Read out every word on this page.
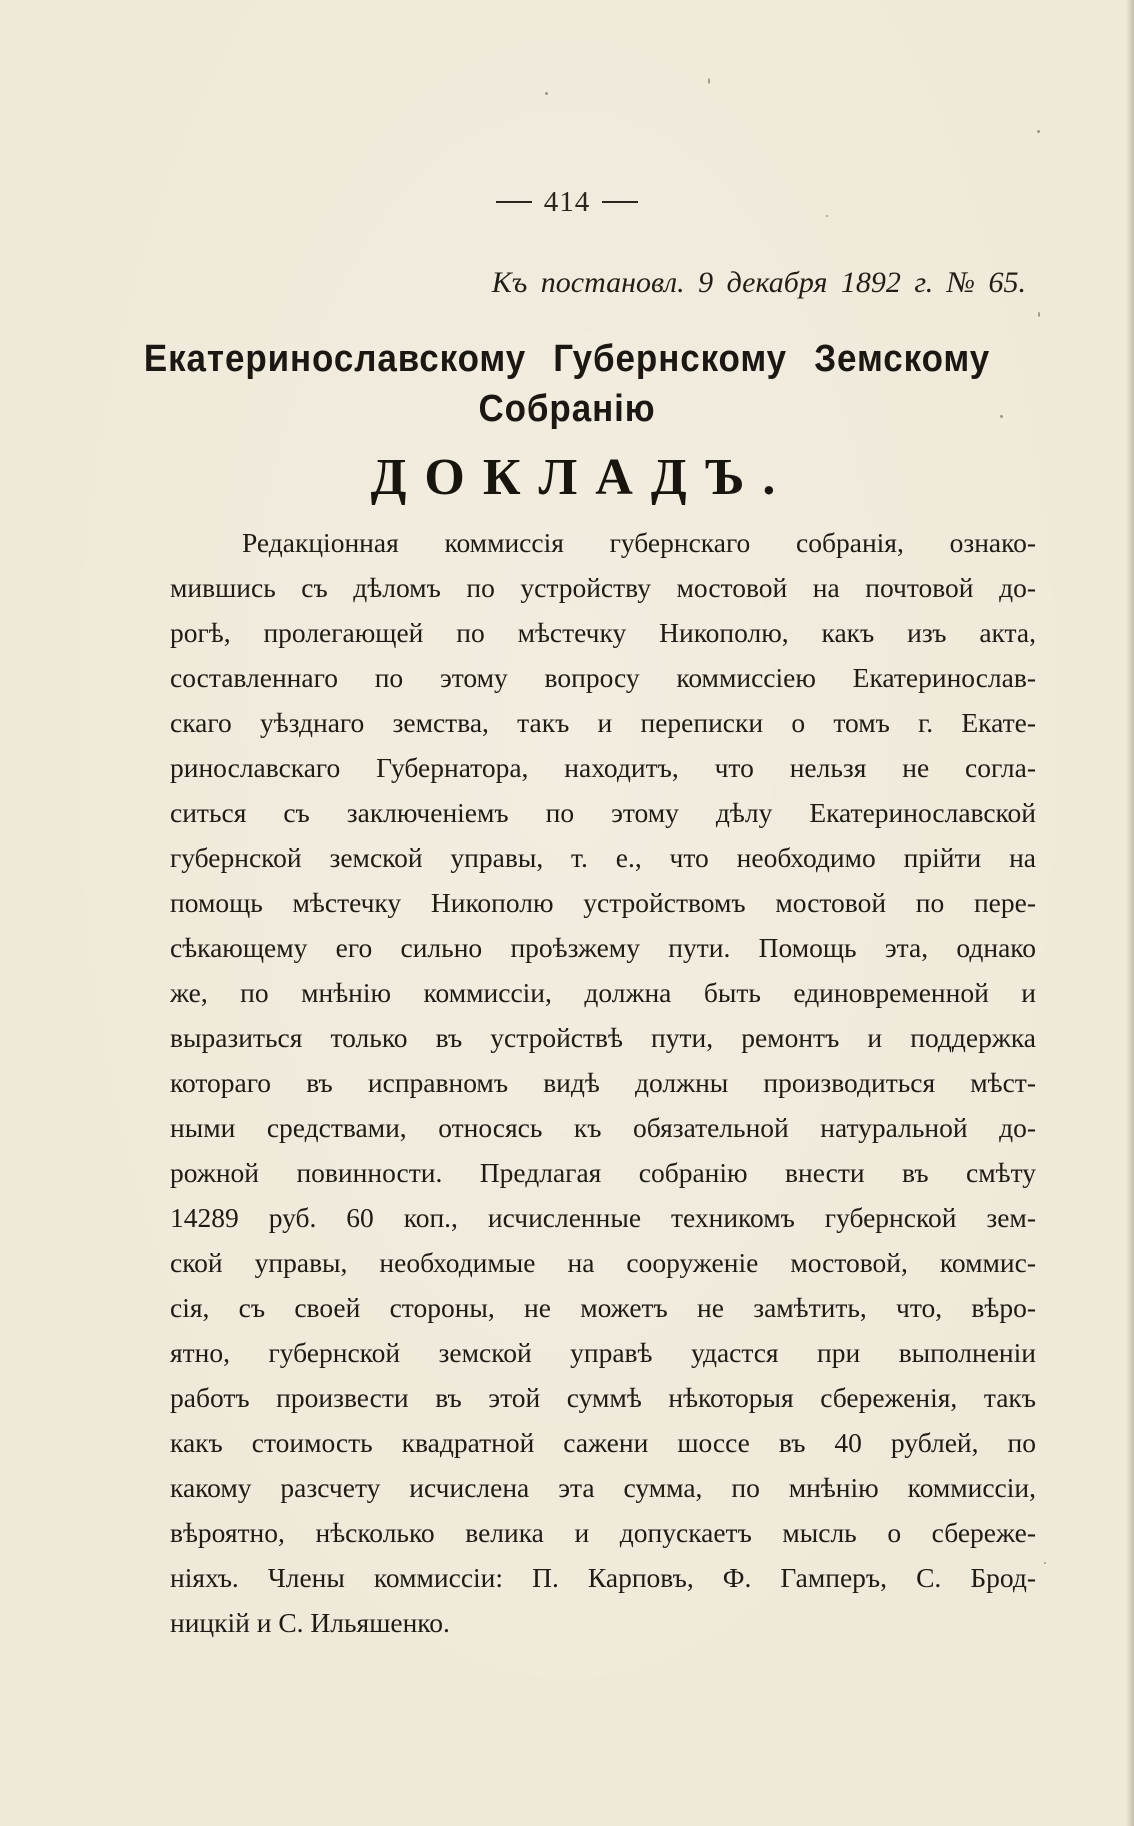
414
Къ постановл. 9 декабря 1892 г. № 65.
Екатеринославскому Губернскому Земскому
Собранію
ДОКЛАДЪ.
Редакціонная коммиссія губернскаго собранія, ознако-
мившись съ дѣломъ по устройству мостовой на почтовой до-
рогѣ, пролегающей по мѣстечку Никополю, какъ изъ акта,
составленнаго по этому вопросу коммиссіею Екатеринослав-
скаго уѣзднаго земства, такъ и переписки о томъ г. Екате-
ринославскаго Губернатора, находитъ, что нельзя не согла-
ситься съ заключеніемъ по этому дѣлу Екатеринославской
губернской земской управы, т. е., что необходимо прійти на
помощь мѣстечку Никополю устройствомъ мостовой по пере-
сѣкающему его сильно проѣзжему пути. Помощь эта, однако
же, по мнѣнію коммиссіи, должна быть единовременной и
выразиться только въ устройствѣ пути, ремонтъ и поддержка
котораго въ исправномъ видѣ должны производиться мѣст-
ными средствами, относясь къ обязательной натуральной до-
рожной повинности. Предлагая собранію внести въ смѣту
14289 руб. 60 коп., исчисленные техникомъ губернской зем-
ской управы, необходимые на сооруженіе мостовой, коммис-
сія, съ своей стороны, не можетъ не замѣтить, что, вѣро-
ятно, губернской земской управѣ удастся при выполненіи
работъ произвести въ этой суммѣ нѣкоторыя сбереженія, такъ
какъ стоимость квадратной сажени шоссе въ 40 рублей, по
какому разсчету исчислена эта сумма, по мнѣнію коммиссіи,
вѣроятно, нѣсколько велика и допускаетъ мысль о сбереже-
ніяхъ. Члены коммиссіи: П. Карповъ, Ф. Гамперъ, С. Брод-
ницкій и С. Ильяшенко.
